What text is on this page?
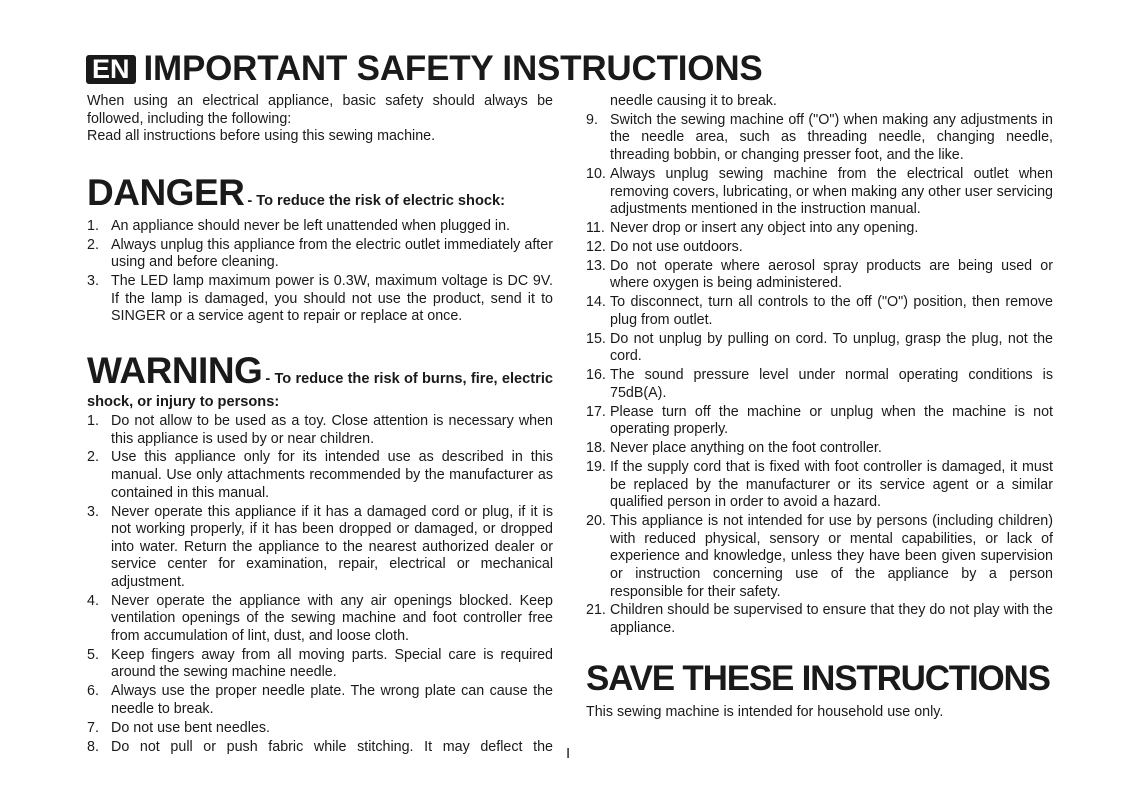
EN IMPORTANT SAFETY INSTRUCTIONS

When using an electrical appliance, basic safety should always be followed, including the following:

Read all instructions before using this sewing machine.

DANGER - To reduce the risk of electric shock:

1. An appliance should never be left unattended when plugged in.
2. Always unplug this appliance from the electric outlet immediately after using and before cleaning.
3. The LED lamp maximum power is 0.3W, maximum voltage is DC 9V. If the lamp is damaged, you should not use the product, send it to SINGER or a service agent to repair or replace at once.

WARNING - To reduce the risk of burns, fire, electric shock, or injury to persons:

1. Do not allow to be used as a toy. Close attention is necessary when this appliance is used by or near children.
2. Use this appliance only for its intended use as described in this manual. Use only attachments recommended by the manufacturer as contained in this manual.
3. Never operate this appliance if it has a damaged cord or plug, if it is not working properly, if it has been dropped or damaged, or dropped into water. Return the appliance to the nearest authorized dealer or service center for examination, repair, electrical or mechanical adjustment.
4. Never operate the appliance with any air openings blocked. Keep ventilation openings of the sewing machine and foot controller free from accumulation of lint, dust, and loose cloth.
5. Keep fingers away from all moving parts. Special care is required around the sewing machine needle.
6. Always use the proper needle plate. The wrong plate can cause the needle to break.
7. Do not use bent needles.
8. Do not pull or push fabric while stitching. It may deflect the

needle causing it to break.

9. Switch the sewing machine off ("O") when making any adjustments in the needle area, such as threading needle, changing needle, threading bobbin, or changing presser foot, and the like.
10. Always unplug sewing machine from the electrical outlet when removing covers, lubricating, or when making any other user servicing adjustments mentioned in the instruction manual.
11. Never drop or insert any object into any opening.
12. Do not use outdoors.
13. Do not operate where aerosol spray products are being used or where oxygen is being administered.
14. To disconnect, turn all controls to the off ("O") position, then remove plug from outlet.
15. Do not unplug by pulling on cord. To unplug, grasp the plug, not the cord.
16. The sound pressure level under normal operating conditions is 75dB(A).
17. Please turn off the machine or unplug when the machine is not operating properly.
18. Never place anything on the foot controller.
19. If the supply cord that is fixed with foot controller is damaged, it must be replaced by the manufacturer or its service agent or a similar qualified person in order to avoid a hazard.
20. This appliance is not intended for use by persons (including children) with reduced physical, sensory or mental capabilities, or lack of experience and knowledge, unless they have been given supervision or instruction concerning use of the appliance by a person responsible for their safety.
21. Children should be supervised to ensure that they do not play with the appliance.
SAVE THESE INSTRUCTIONS

This sewing machine is intended for household use only.

I
